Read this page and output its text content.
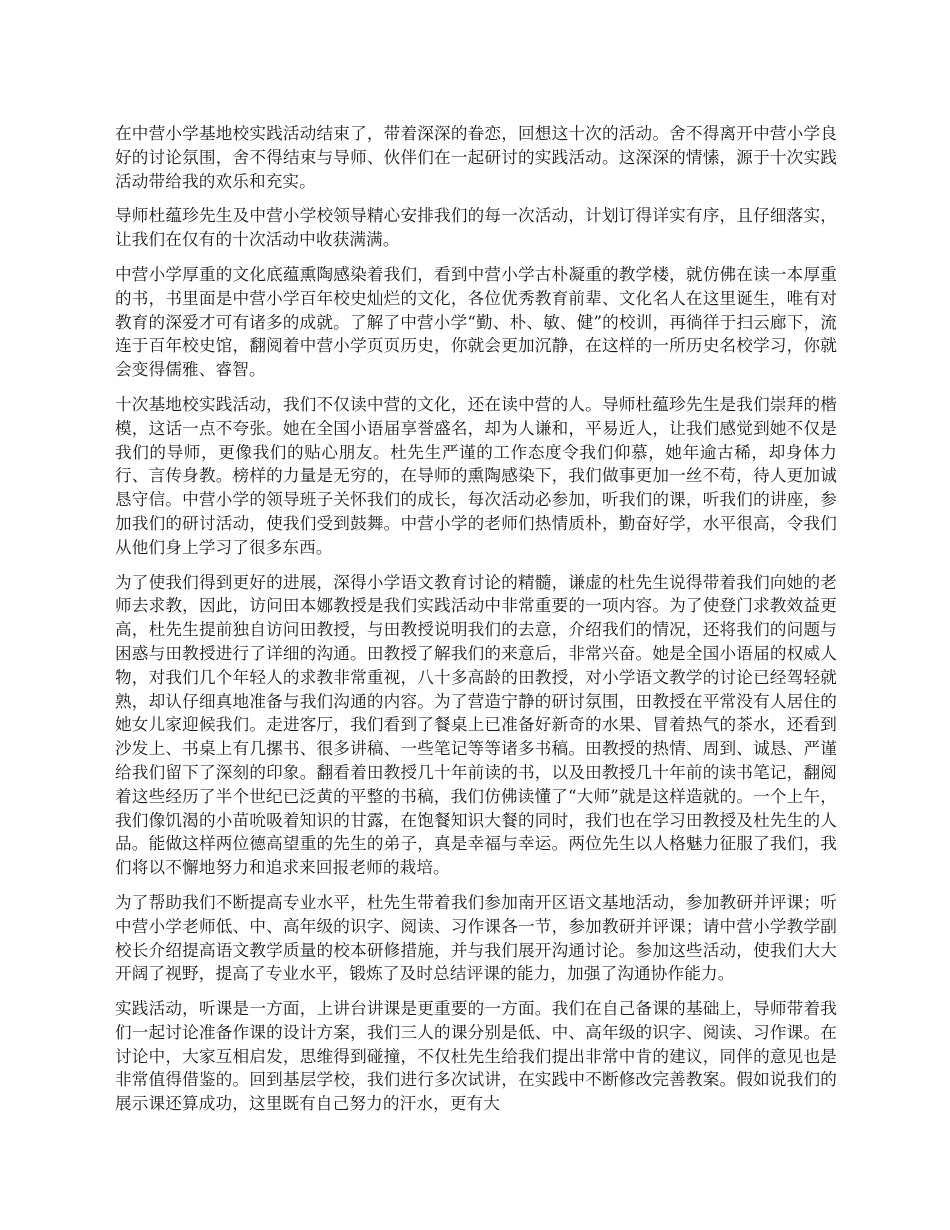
在中营小学基地校实践活动结束了，带着深深的眷恋，回想这十次的活动。舍不得离开中营小学良好的讨论氛围，舍不得结束与导师、伙伴们在一起研讨的实践活动。这深深的情愫，源于十次实践活动带给我的欢乐和充实。

导师杜蕴珍先生及中营小学校领导精心安排我们的每一次活动，计划订得详实有序，且仔细落实，让我们在仅有的十次活动中收获满满。

中营小学厚重的文化底蕴熏陶感染着我们，看到中营小学古朴凝重的教学楼，就仿佛在读一本厚重的书，书里面是中营小学百年校史灿烂的文化，各位优秀教育前辈、文化名人在这里诞生，唯有对教育的深爱才可有诸多的成就。了解了中营小学“勤、朴、敏、健”的校训，再徜徉于扫云廊下，流连于百年校史馆，翻阅着中营小学页页历史，你就会更加沉静，在这样的一所历史名校学习，你就会变得儒雅、睿智。

十次基地校实践活动，我们不仅读中营的文化，还在读中营的人。导师杜蕴珍先生是我们崇拜的楷模，这话一点不夸张。她在全国小语届享誉盛名，却为人谦和，平易近人，让我们感觉到她不仅是我们的导师，更像我们的贴心朋友。杜先生严谨的工作态度令我们仰慕，她年逾古稀，却身体力行、言传身教。榜样的力量是无穷的，在导师的熏陶感染下，我们做事更加一丝不苟，待人更加诚恳守信。中营小学的领导班子关怀我们的成长，每次活动必参加，听我们的课，听我们的讲座，参加我们的研讨活动，使我们受到鼓舞。中营小学的老师们热情质朴，勤奋好学，水平很高，令我们从他们身上学习了很多东西。

为了使我们得到更好的进展，深得小学语文教育讨论的精髓，谦虚的杜先生说得带着我们向她的老师去求教，因此，访问田本娜教授是我们实践活动中非常重要的一项内容。为了使登门求教效益更高，杜先生提前独自访问田教授，与田教授说明我们的去意，介绍我们的情况，还将我们的问题与困惑与田教授进行了详细的沟通。田教授了解我们的来意后，非常兴奋。她是全国小语届的权威人物，对我们几个年轻人的求教非常重视，八十多高龄的田教授，对小学语文教学的讨论已经驾轻就熟，却认仔细真地准备与我们沟通的内容。为了营造宁静的研讨氛围，田教授在平常没有人居住的她女儿家迎候我们。走进客厅，我们看到了餐桌上已准备好新奇的水果、冒着热气的茶水，还看到沙发上、书桌上有几摞书、很多讲稿、一些笔记等等诸多书稿。田教授的热情、周到、诚恳、严谨给我们留下了深刻的印象。翻看着田教授几十年前读的书，以及田教授几十年前的读书笔记，翻阅着这些经历了半个世纪已泛黄的平整的书稿，我们仿佛读懂了“大师”就是这样造就的。一个上午，我们像饥渴的小苗吮吸着知识的甘露，在饱餐知识大餐的同时，我们也在学习田教授及杜先生的人品。能做这样两位德高望重的先生的弟子，真是幸福与幸运。两位先生以人格魅力征服了我们，我们将以不懈地努力和追求来回报老师的栽培。

为了帮助我们不断提高专业水平，杜先生带着我们参加南开区语文基地活动，参加教研并评课；听中营小学老师低、中、高年级的识字、阅读、习作课各一节，参加教研并评课；请中营小学教学副校长介绍提高语文教学质量的校本研修措施，并与我们展开沟通讨论。参加这些活动，使我们大大开阔了视野，提高了专业水平，锻炼了及时总结评课的能力，加强了沟通协作能力。

实践活动，听课是一方面，上讲台讲课是更重要的一方面。我们在自己备课的基础上，导师带着我们一起讨论准备作课的设计方案，我们三人的课分别是低、中、高年级的识字、阅读、习作课。在讨论中，大家互相启发，思维得到碰撞，不仅杜先生给我们提出非常中肯的建议，同伴的意见也是非常值得借鉴的。回到基层学校，我们进行多次试讲，在实践中不断修改完善教案。假如说我们的展示课还算成功，这里既有自己努力的汗水，更有大
